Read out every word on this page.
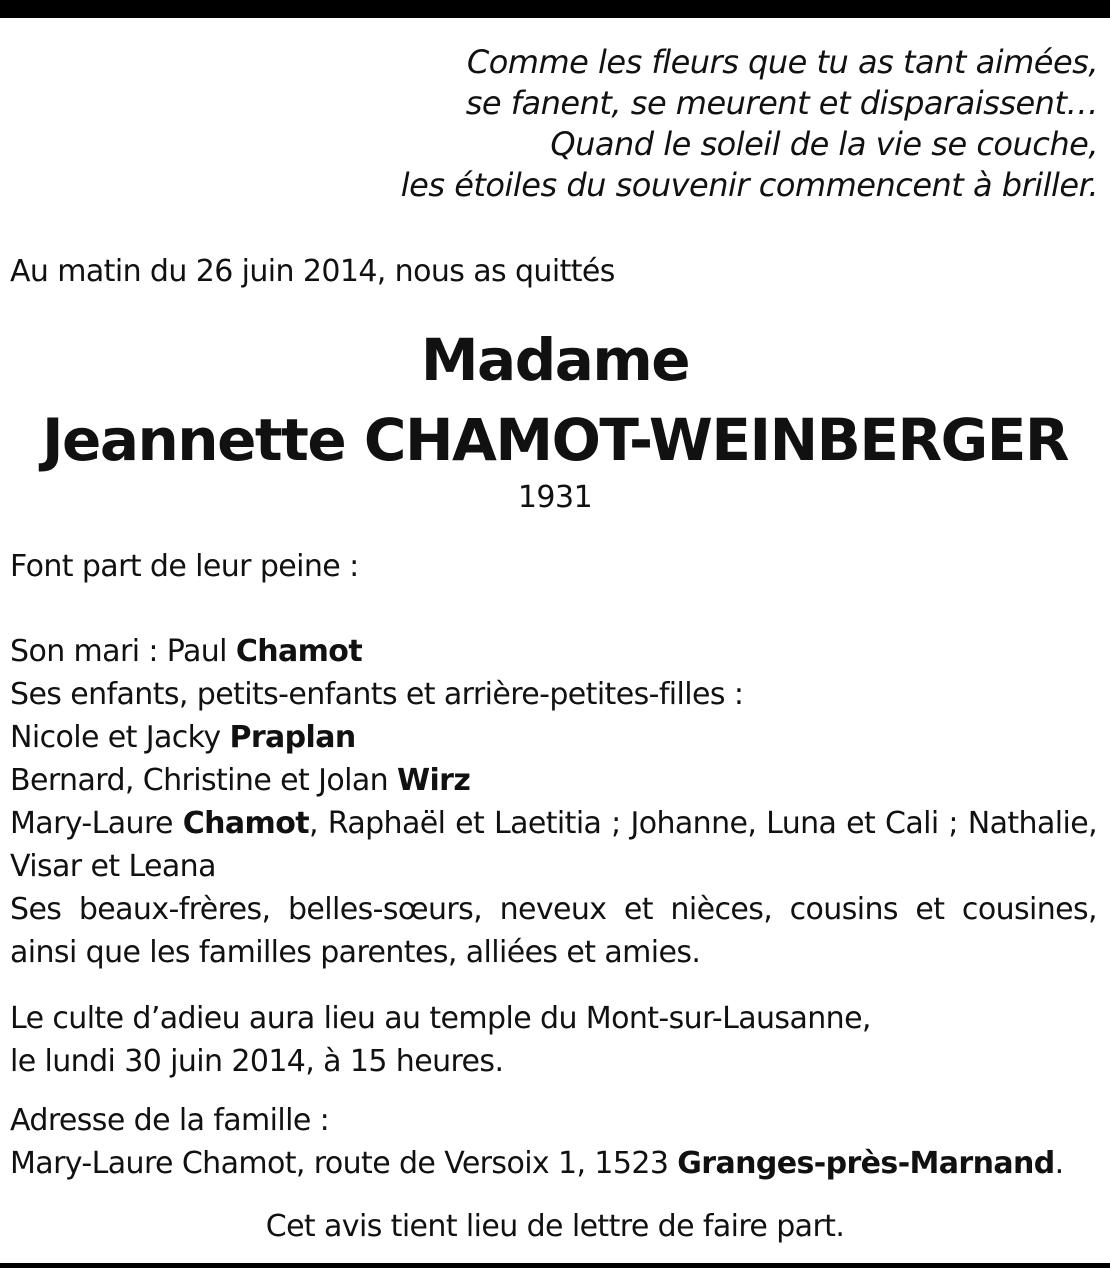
Comme les fleurs que tu as tant aimées,
se fanent, se meurent et disparaissent…
Quand le soleil de la vie se couche,
les étoiles du souvenir commencent à briller.
Au matin du 26 juin 2014, nous as quittés
Madame
Jeannette CHAMOT-WEINBERGER
1931
Font part de leur peine :
Son mari : Paul Chamot
Ses enfants, petits-enfants et arrière-petites-filles :
Nicole et Jacky Praplan
Bernard, Christine et Jolan Wirz
Mary-Laure Chamot, Raphaël et Laetitia ; Johanne, Luna et Cali ; Nathalie, Visar et Leana
Ses beaux-frères, belles-sœurs, neveux et nièces, cousins et cousines, ainsi que les familles parentes, alliées et amies.
Le culte d’adieu aura lieu au temple du Mont-sur-Lausanne,
le lundi 30 juin 2014, à 15 heures.
Adresse de la famille :
Mary-Laure Chamot, route de Versoix 1, 1523 Granges-près-Marnand.
Cet avis tient lieu de lettre de faire part.
